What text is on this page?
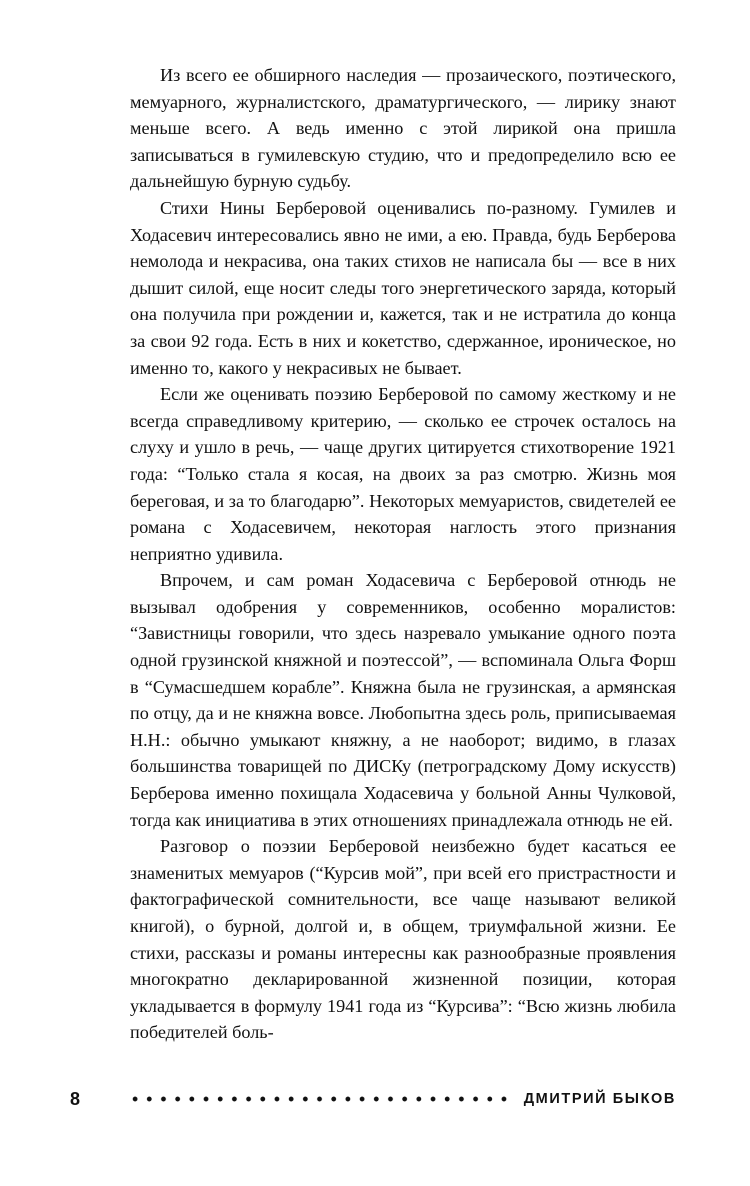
Из всего ее обширного наследия — прозаического, поэтического, мемуарного, журналистского, драматургического, — лирику знают меньше всего. А ведь именно с этой лирикой она пришла записываться в гумилевскую студию, что и предопределило всю ее дальнейшую бурную судьбу.

Стихи Нины Берберовой оценивались по-разному. Гумилев и Ходасевич интересовались явно не ими, а ею. Правда, будь Берберова немолода и некрасива, она таких стихов не написала бы — все в них дышит силой, еще носит следы того энергетического заряда, который она получила при рождении и, кажется, так и не истратила до конца за свои 92 года. Есть в них и кокетство, сдержанное, ироническое, но именно то, какого у некрасивых не бывает.

Если же оценивать поэзию Берберовой по самому жесткому и не всегда справедливому критерию, — сколько ее строчек осталось на слуху и ушло в речь, — чаще других цитируется стихотворение 1921 года: “Только стала я косая, на двоих за раз смотрю. Жизнь моя береговая, и за то благодарю”. Некоторых мемуаристов, свидетелей ее романа с Ходасевичем, некоторая наглость этого признания неприятно удивила.

Впрочем, и сам роман Ходасевича с Берберовой отнюдь не вызывал одобрения у современников, особенно моралистов: “Завистницы говорили, что здесь назревало умыкание одного поэта одной грузинской княжной и поэтессой”, — вспоминала Ольга Форш в “Сумасшедшем корабле”. Княжна была не грузинская, а армянская по отцу, да и не княжна вовсе. Любопытна здесь роль, приписываемая Н.Н.: обычно умыкают княжну, а не наоборот; видимо, в глазах большинства товарищей по ДИСКу (петроградскому Дому искусств) Берберова именно похищала Ходасевича у больной Анны Чулковой, тогда как инициатива в этих отношениях принадлежала отнюдь не ей.

Разговор о поэзии Берберовой неизбежно будет касаться ее знаменитых мемуаров (“Курсив мой”, при всей его пристрастности и фактографической сомнительности, все чаще называют великой книгой), о бурной, долгой и, в общем, триумфальной жизни. Ее стихи, рассказы и романы интересны как разнообразные проявления многократно декларированной жизненной позиции, которая укладывается в формулу 1941 года из “Курсива”: “Всю жизнь любила победителей боль-

8	ДМИТРИЙ БЫКОВ
